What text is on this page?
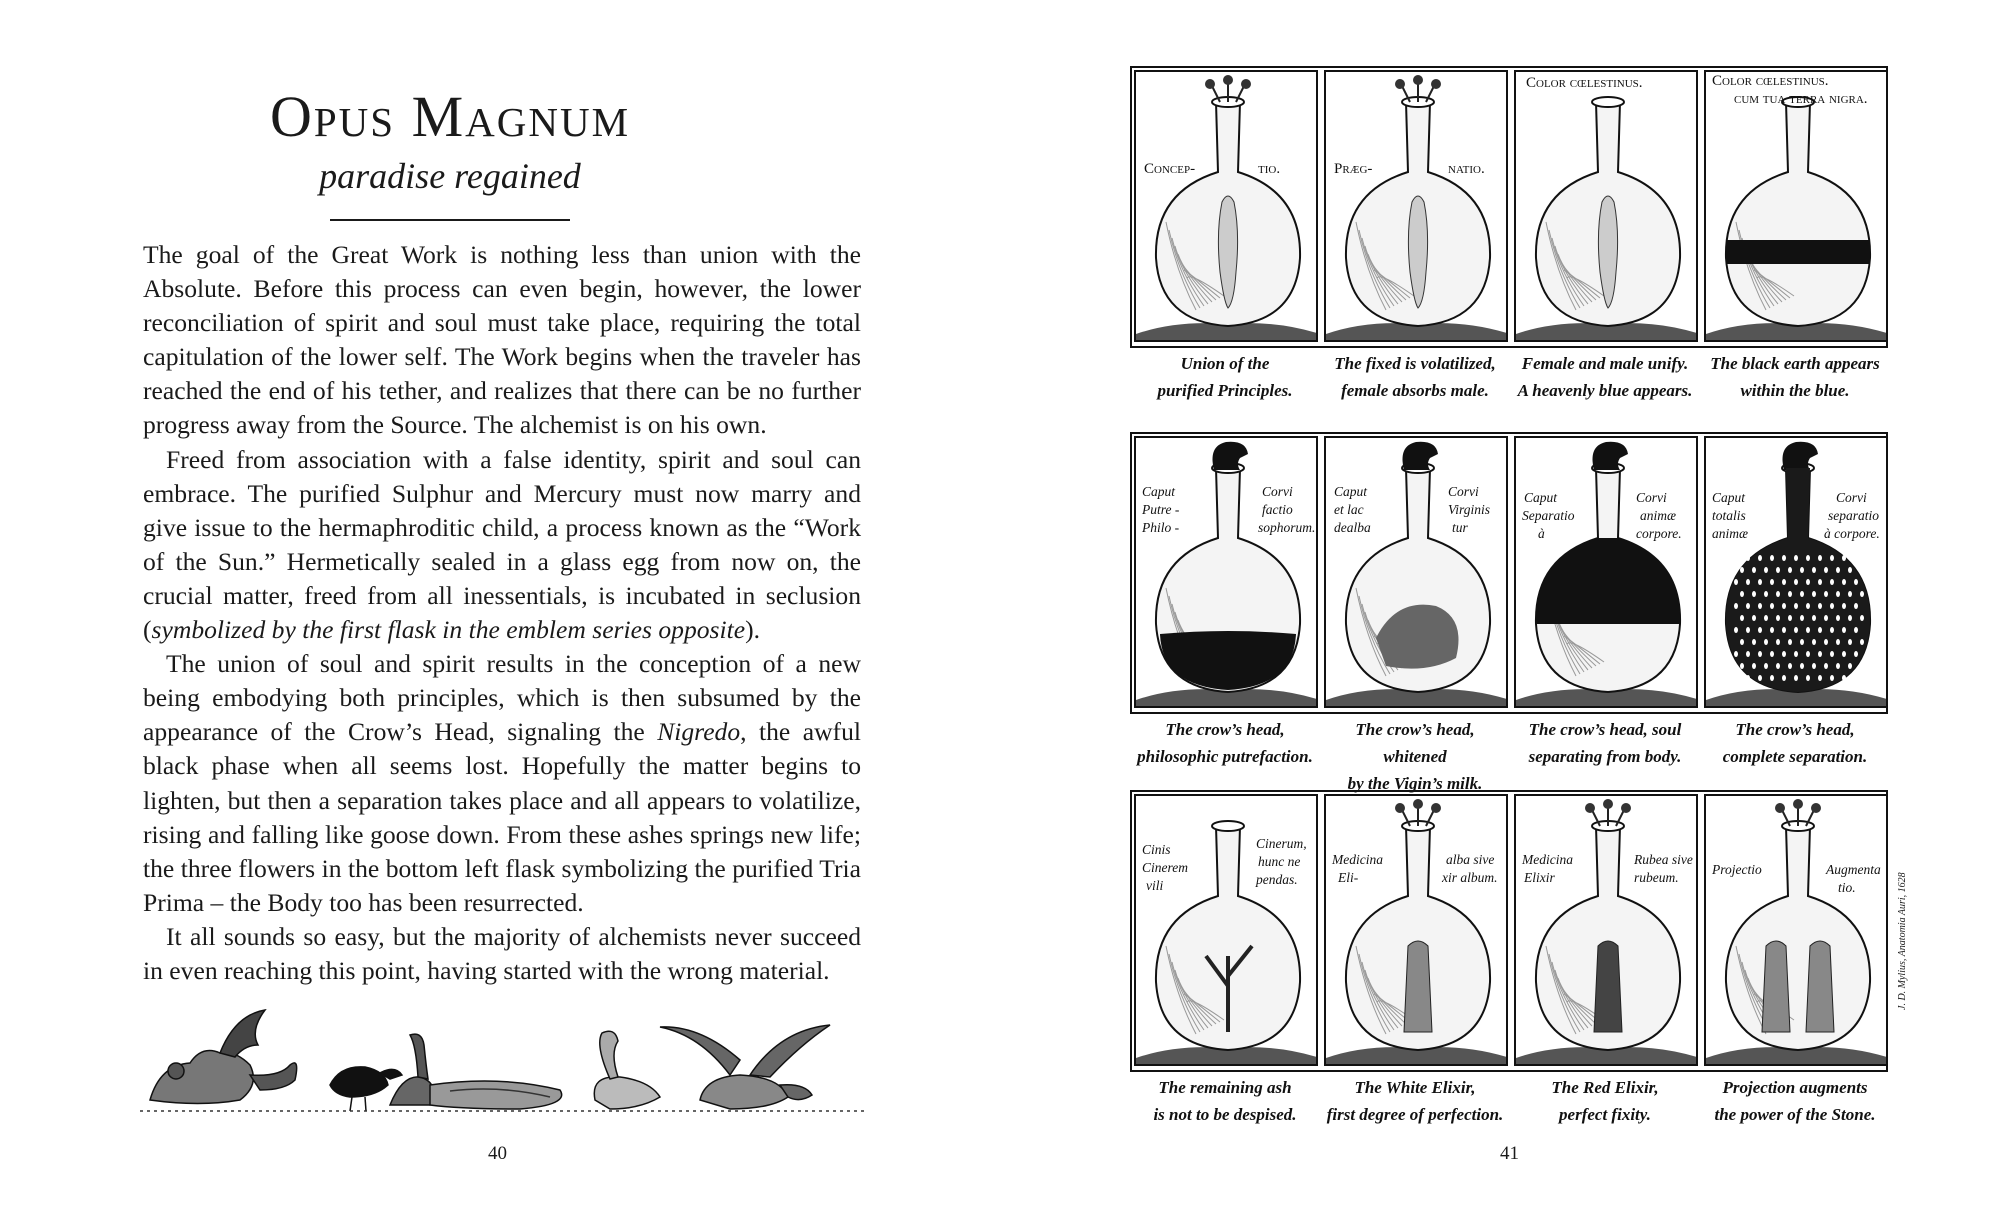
Opus Magnum
paradise regained

The goal of the Great Work is nothing less than union with the Absolute. Before this process can even begin, however, the lower reconciliation of spirit and soul must take place, requiring the total capitulation of the lower self. The Work begins when the traveler has reached the end of his tether, and realizes that there can be no further progress away from the Source. The alchemist is on his own.

Freed from association with a false identity, spirit and soul can embrace. The purified Sulphur and Mercury must now marry and give issue to the hermaphroditic child, a process known as the “Work of the Sun.” Hermetically sealed in a glass egg from now on, the crucial matter, freed from all inessentials, is incubated in seclusion (symbolized by the first flask in the emblem series opposite).

The union of soul and spirit results in the conception of a new being embodying both principles, which is then subsumed by the appearance of the Crow’s Head, signaling the Nigredo, the awful black phase when all seems lost. Hopefully the matter begins to lighten, but then a separation takes place and all appears to volatilize, rising and falling like goose down. From these ashes springs new life; the three flowers in the bottom left flask symbolizing the purified Tria Prima – the Body too has been resurrected.

It all sounds so easy, but the majority of alchemists never succeed in even reaching this point, having started with the wrong material.

40
Concep-	tio.
Union of the
purified Principles.
Præg-	natio.
The fixed is volatilized,
female absorbs male.
Color cœlestinus.
Female and male unify.
A heavenly blue appears.
Color cœlestinus.
cum tua terra nigra.
The black earth appears
within the blue.
Caput
Putre -
Philo -
Corvi
factio
sophorum.
The crow’s head,
philosophic putrefaction.
Caput
et lac
dealba
Corvi
Virginis
tur
The crow’s head, whitened
by the Vigin’s milk.
Caput
Separatio
à
Corvi
animæ
corpore.
The crow’s head, soul
separating from body.
Caput
totalis
animæ
Corvi
separatio
à corpore.
The crow’s head,
complete separation.
Cinis
Cinerem
vili
Cinerum,
hunc ne
pendas.
The remaining ash
is not to be despised.
Medicina
Eli-
alba sive
xir album.
The White Elixir,
first degree of perfection.
Medicina
Elixir
Rubea sive
rubeum.
The Red Elixir,
perfect fixity.
Projectio	Augmenta
tio.
Projection augments
the power of the Stone.
J. D. Mylius, Anatomia Auri, 1628
41
